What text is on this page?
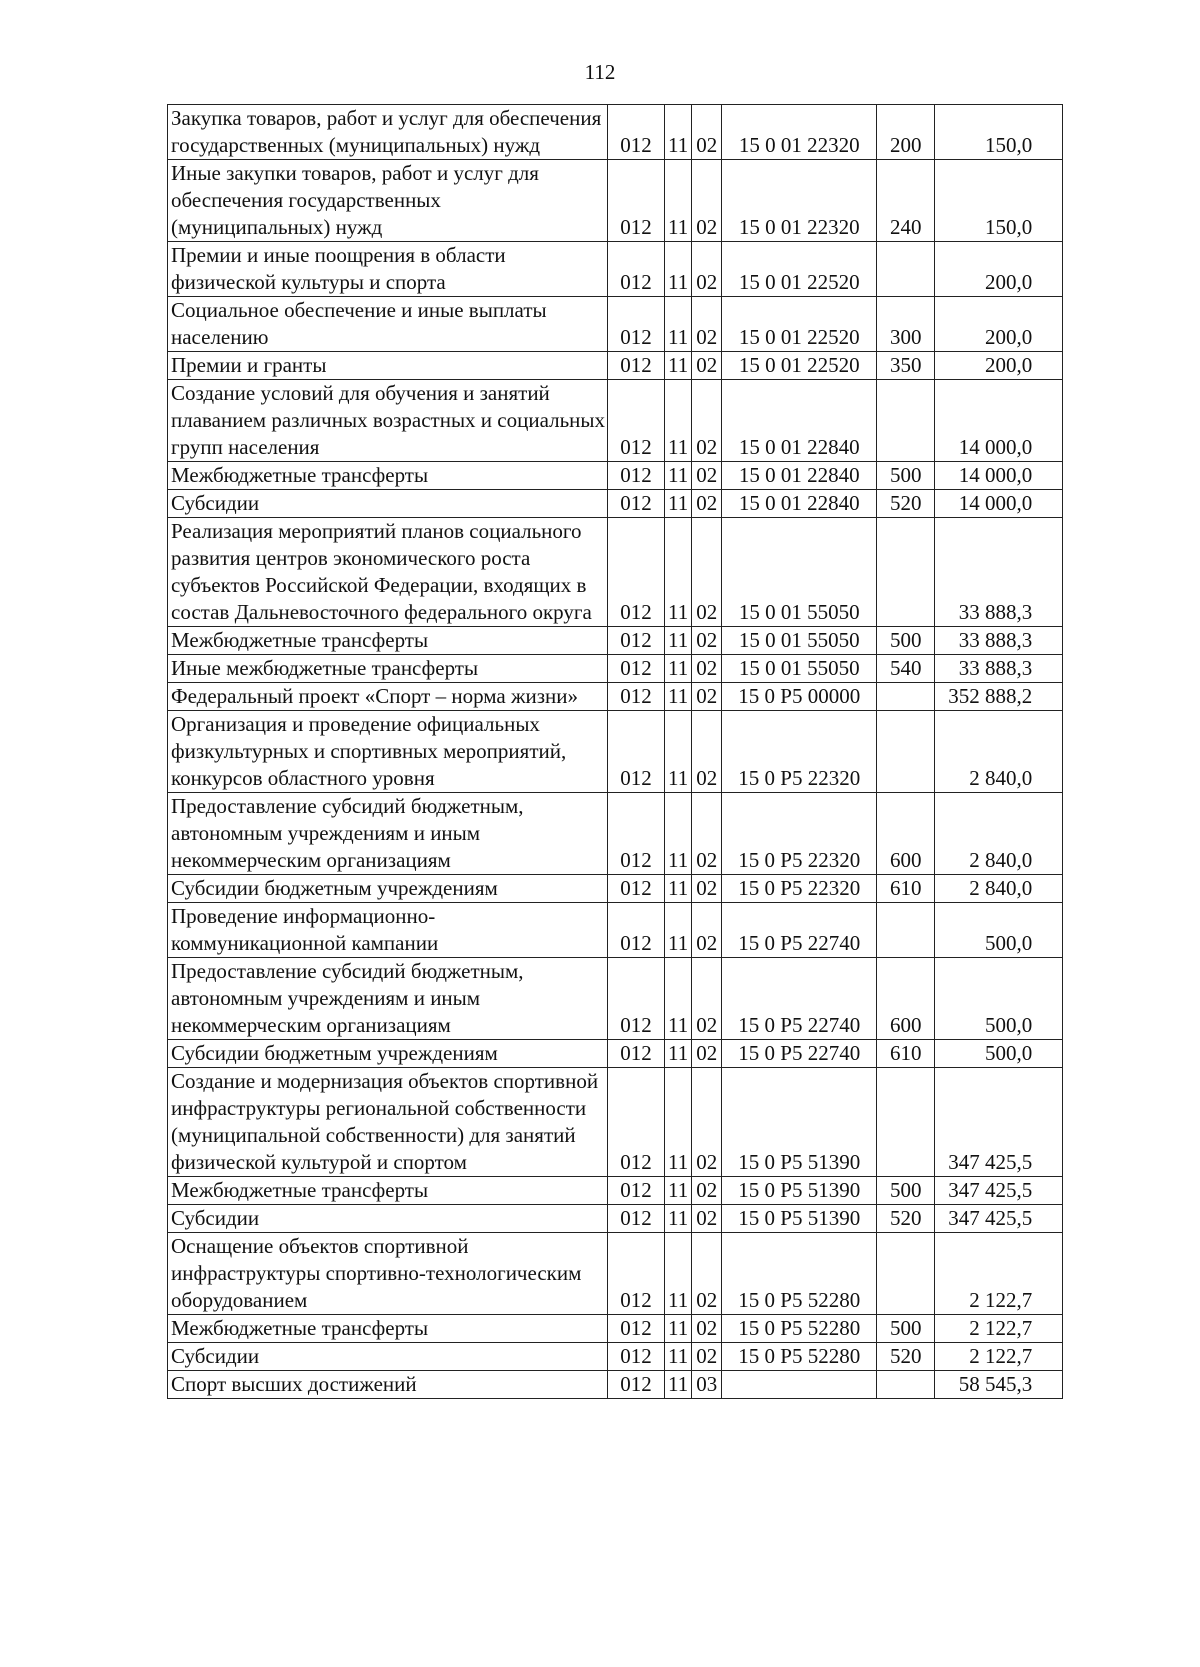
112
Закупка товаров, работ и услуг для обеспечения государственных (муниципальных) нужд	012	11	02	15 0 01 22320	200	150,0
Иные закупки товаров, работ и услуг для обеспечения государственных (муниципальных) нужд	012	11	02	15 0 01 22320	240	150,0
Премии и иные поощрения в области физической культуры и спорта	012	11	02	15 0 01 22520		200,0
Социальное обеспечение и иные выплаты населению	012	11	02	15 0 01 22520	300	200,0
Премии и гранты	012	11	02	15 0 01 22520	350	200,0
Создание условий для обучения и занятий плаванием различных возрастных и социальных групп населения	012	11	02	15 0 01 22840		14 000,0
Межбюджетные трансферты	012	11	02	15 0 01 22840	500	14 000,0
Субсидии	012	11	02	15 0 01 22840	520	14 000,0
Реализация мероприятий планов социального развития центров экономического роста субъектов Российской Федерации, входящих в состав Дальневосточного федерального округа	012	11	02	15 0 01 55050		33 888,3
Межбюджетные трансферты	012	11	02	15 0 01 55050	500	33 888,3
Иные межбюджетные трансферты	012	11	02	15 0 01 55050	540	33 888,3
Федеральный проект «Спорт – норма жизни»	012	11	02	15 0 P5 00000		352 888,2
Организация и проведение официальных физкультурных и спортивных мероприятий, конкурсов областного уровня	012	11	02	15 0 P5 22320		2 840,0
Предоставление субсидий бюджетным, автономным учреждениям и иным некоммерческим организациям	012	11	02	15 0 P5 22320	600	2 840,0
Субсидии бюджетным учреждениям	012	11	02	15 0 P5 22320	610	2 840,0
Проведение информационно-коммуникационной кампании	012	11	02	15 0 P5 22740		500,0
Предоставление субсидий бюджетным, автономным учреждениям и иным некоммерческим организациям	012	11	02	15 0 P5 22740	600	500,0
Субсидии бюджетным учреждениям	012	11	02	15 0 P5 22740	610	500,0
Создание и модернизация объектов спортивной инфраструктуры региональной собственности (муниципальной собственности) для занятий физической культурой и спортом	012	11	02	15 0 P5 51390		347 425,5
Межбюджетные трансферты	012	11	02	15 0 P5 51390	500	347 425,5
Субсидии	012	11	02	15 0 P5 51390	520	347 425,5
Оснащение объектов спортивной инфраструктуры спортивно-технологическим оборудованием	012	11	02	15 0 P5 52280		2 122,7
Межбюджетные трансферты	012	11	02	15 0 P5 52280	500	2 122,7
Субсидии	012	11	02	15 0 P5 52280	520	2 122,7
Спорт высших достижений	012	11	03			58 545,3
